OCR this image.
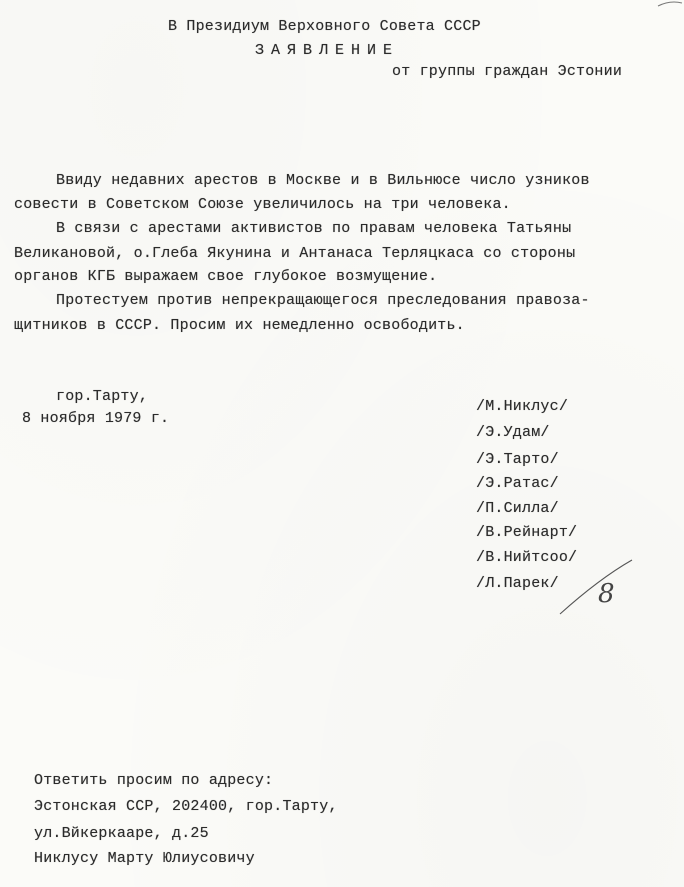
В Президиум Верховного Совета СССР
ЗАЯВЛЕНИЕ
от группы граждан Эстонии
Ввиду недавних арестов в Москве и в Вильнюсе число узников
совести в Советском Союзе увеличилось на три человека.
В связи с арестами активистов по правам человека Татьяны
Великановой, о.Глеба Якунина и Антанаса Терляцкаса со стороны
органов КГБ выражаем свое глубокое возмущение.
Протестуем против непрекращающегося преследования правоза-
щитников в СССР. Просим их немедленно освободить.
гор.Тарту,
8 ноября 1979 г.
/М.Никлус/
/Э.Удам/
/Э.Тарто/
/Э.Ратас/
/П.Силла/
/В.Рейнарт/
/В.Нийтсоо/
/Л.Парек/ 8
Ответить просим по адресу:
Эстонская ССР, 202400, гор.Тарту,
ул.Вйкеркааре, д.25
Никлусу Марту Юлиусовичу
